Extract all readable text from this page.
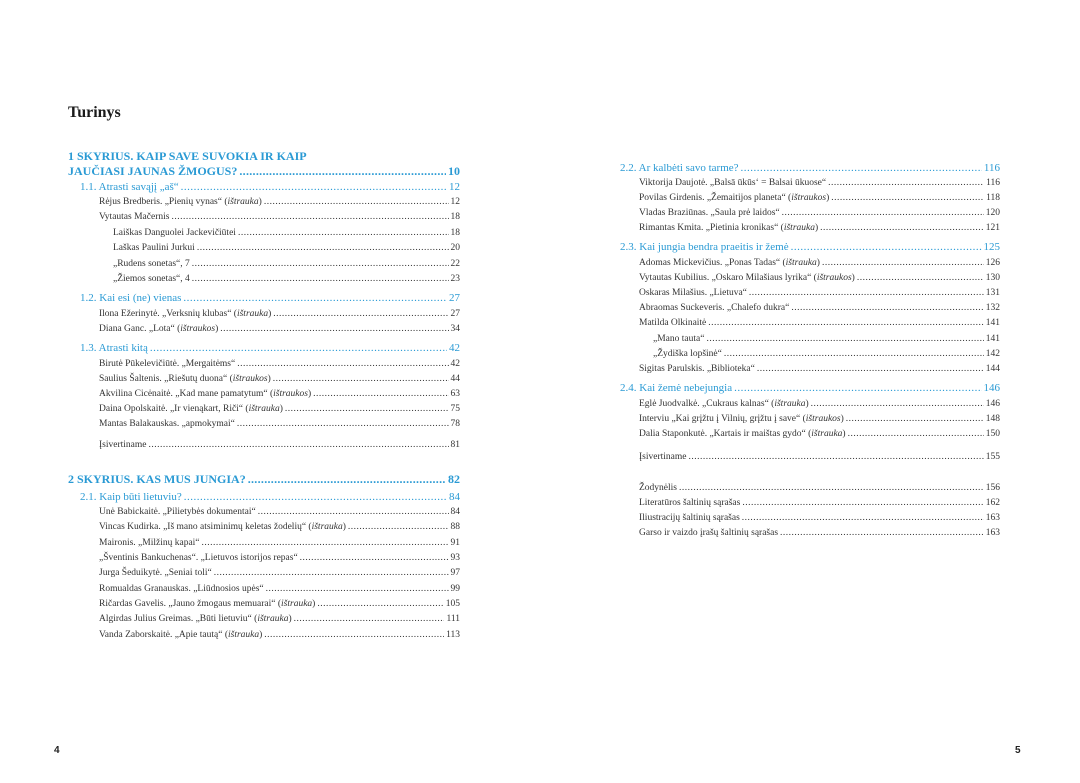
Turinys
1 SKYRIUS. KAIP SAVE SUVOKIA IR KAIP
JAUČIASI JAUNAS ŽMOGUS? .....	10
1.1. Atrasti savąjį „aš“ .....	12
Rėjus Bredberis. „Pienių vynas“ (ištrauka) .....	12
Vytautas Mačernis .....	18
Laiškas Danguolei Jackevičiūtei .....	18
Laškas Paulini Jurkui .....	20
„Rudens sonetas“, 7 .....	22
„Žiemos sonetas“, 4 .....	23
1.2. Kai esi (ne) vienas .....	27
Ilona Ežerinytė. „Verksnių klubas“ (ištrauka) .....	27
Diana Ganc. „Lota“ (ištraukos) .....	34
1.3. Atrasti kitą .....	42
Birutė Pūkelevičiūtė. „Mergaitėms“ .....	42
Saulius Šaltenis. „Riešutų duona“ (ištraukos) .....	44
Akvilina Cicėnaitė. „Kad mane pamatytum“ (ištraukos) .....	63
Daina Opolskaitė. „Ir vienąkart, Riči“ (ištrauka) .....	75
Mantas Balakauskas. „apmokymai“ .....	78
Įsivertiname .....	81
2 SKYRIUS. KAS MUS JUNGIA? .....	82
2.1. Kaip būti lietuviu? .....	84
Unė Babickaitė. „Pilietybės dokumentai“ .....	84
Vincas Kudirka. „Iš mano atsiminimų keletas žodelių“ (ištrauka) .....	88
Maironis. „Milžinų kapai“ .....	91
„Šventinis Bankuchenas“. „Lietuvos istorijos repas“ .....	93
Jurga Šeduikytė. „Seniai toli“ .....	97
Romualdas Granauskas. „Liūdnosios upės“ .....	99
Ričardas Gavelis. „Jauno žmogaus memuarai“ (ištrauka) .....	105
Algirdas Julius Greimas. „Būti lietuviu“ (ištrauka) .....	111
Vanda Zaborskaitė. „Apie tautą“ (ištrauka) .....	113
2.2. Ar kalbėti savo tarme? .....	116
Viktorija Daujotė. „Balsā ūkūs‘ = Balsai ūkuose“ .....	116
Povilas Girdenis. „Žemaitijos planeta“ (ištraukos) .....	118
Vladas Braziūnas. „Saula prė laidos“ .....	120
Rimantas Kmita. „Pietinia kronikas“ (ištrauka) .....	121
2.3. Kai jungia bendra praeitis ir žemė .....	125
Adomas Mickevičius. „Ponas Tadas“ (ištrauka) .....	126
Vytautas Kubilius. „Oskaro Milašiaus lyrika“ (ištraukos) .....	130
Oskaras Milašius. „Lietuva“ .....	131
Abraomas Suckeveris. „Chalefo dukra“ .....	132
Matilda Olkinaitė .....	141
„Mano tauta“ .....	141
„Žydiška lopšinė“ .....	142
Sigitas Parulskis. „Biblioteka“ .....	144
2.4. Kai žemė nebejungia .....	146
Eglė Juodvalkė. „Cukraus kalnas“ (ištrauka) .....	146
Interviu „Kai grįžtu į Vilnių, grįžtu į save“ (ištraukos) .....	148
Dalia Staponkutė. „Kartais ir maištas gydo“ (ištrauka) .....	150
Įsivertiname .....	155
Žodynėlis .....	156
Literatūros šaltinių sąrašas .....	162
Iliustracijų šaltinių sąrašas .....	163
Garso ir vaizdo įrašų šaltinių sąrašas .....	163
4	5
